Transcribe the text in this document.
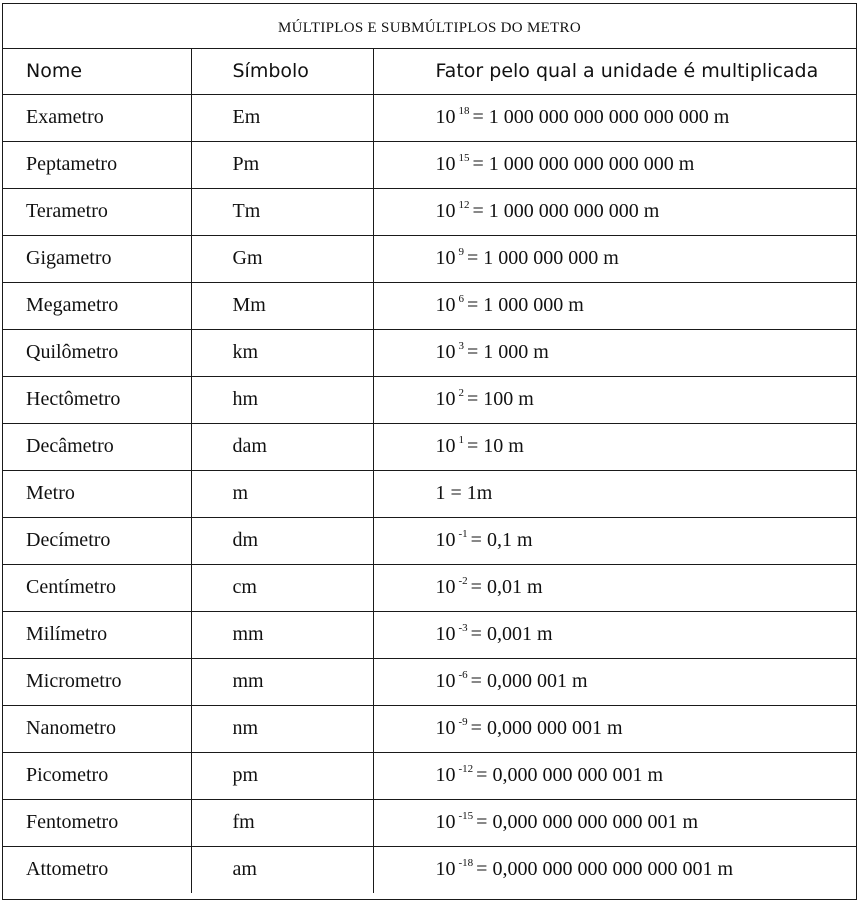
MÚLTIPLOS E SUBMÚLTIPLOS DO METRO
Nome	Símbolo	Fator pelo qual a unidade é multiplicada
Exametro	Em	10 $^{18}$ = 1 000 000 000 000 000 000 m
Peptametro	Pm	10 $^{15}$ = 1 000 000 000 000 000 m
Terametro	Tm	10 $^{12}$ = 1 000 000 000 000 m
Gigametro	Gm	10 $^9$ = 1 000 000 000 m
Megametro	Mm	10 $^6$ = 1 000 000 m
Quilômetro	km	10 $^3$ = 1 000 m
Hectômetro	hm	10 $^2$ = 100 m
Decâmetro	dam	10 $^1$ = 10 m
Metro	m	1 = 1m
Decímetro	dm	10 $^{-1}$ = 0,1 m
Centímetro	cm	10 $^{-2}$ = 0,01 m
Milímetro	mm	10 $^{-3}$ = 0,001 m
Micrometro	mm	10 $^{-6}$ = 0,000 001 m
Nanometro	nm	10 $^{-9}$ = 0,000 000 001 m
Picometro	pm	10 $^{-12}$ = 0,000 000 000 001 m
Fentometro	fm	10 $^{-15}$ = 0,000 000 000 000 001 m
Attometro	am	10 $^{-18}$ = 0,000 000 000 000 000 001 m
